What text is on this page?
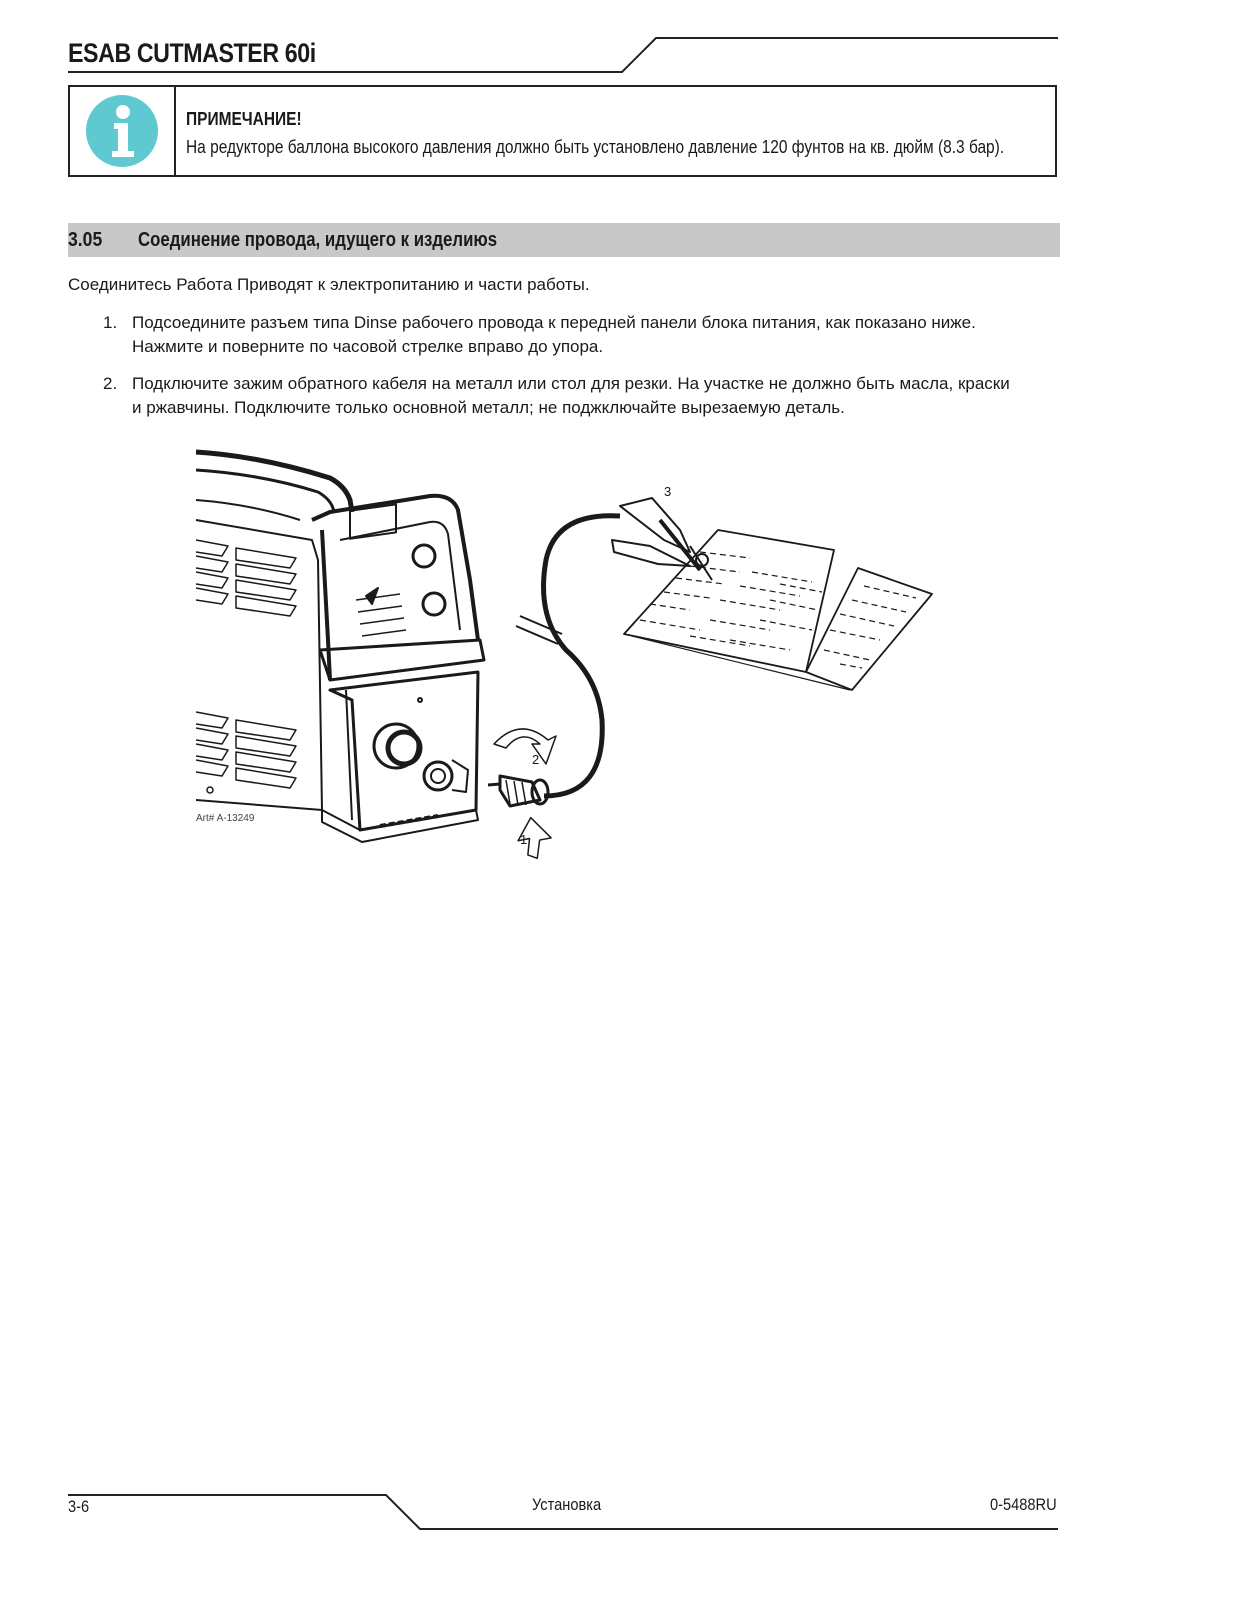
ESAB CUTMASTER 60i
ПРИМЕЧАНИЕ!
На редукторе баллона высокого давления должно быть установлено давление 120 фунтов на кв. дюйм (8.3 бар).
3.05 Соединение провода, идущего к изделиюs
Соединитесь Работа Приводят к электропитанию и части работы.
1. Подсоедините разъем типа Dinse рабочего провода к передней панели блока питания, как показано ниже.
Нажмите и поверните по часовой стрелке вправо до упора.
2. Подключите зажим обратного кабеля на металл или стол для резки. На участке не должно быть масла, краски
и ржавчины. Подключите только основной металл; не поджключайте вырезаемую деталь.
3
2
1
Art# A-13249
3-6	Установка	0-5488RU
